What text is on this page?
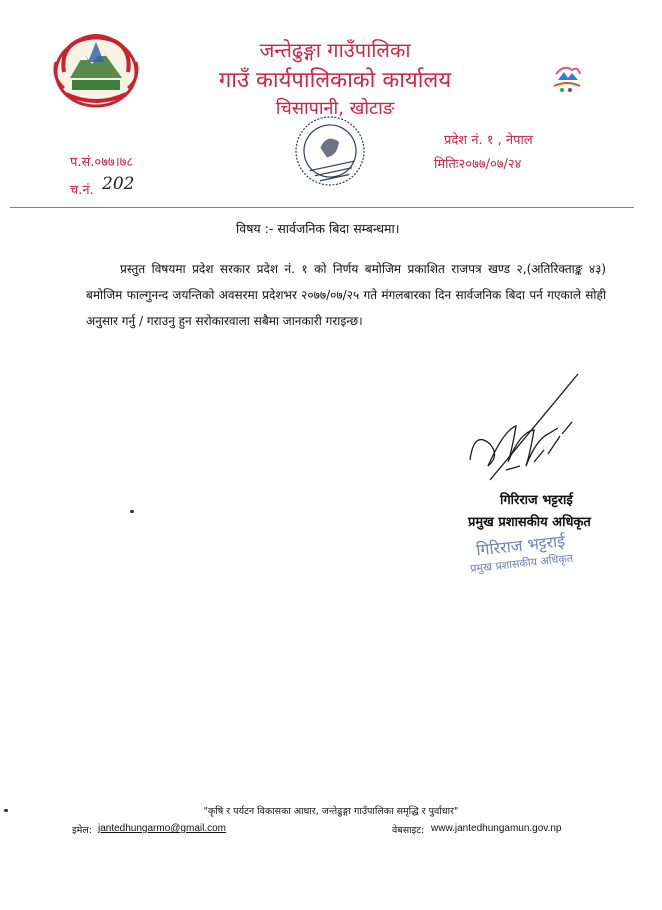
जन्तेढुङ्गा गाउँपालिका
गाउँ कार्यपालिकाको कार्यालय
चिसापानी, खोटाङ
प.सं.०७७।७८
च.नं. 202
प्रदेश नं. १ , नेपाल
मितिः२०७७/०७/२४
विषय :- सार्वजनिक बिदा सम्बन्धमा।
प्रस्तुत विषयमा प्रदेश सरकार प्रदेश नं. १ को निर्णय बमोजिम प्रकाशित राजपत्र खण्ड २,(अतिरिक्ताङ्क ४३) बमोजिम फाल्गुनन्द जयन्तिको अवसरमा प्रदेशभर २०७७/०७/२५ गते मंगलबारका दिन सार्वजनिक बिदा पर्न गएकाले सोही अनुसार गर्नु / गराउनु हुन सरोकारवाला सबैमा जानकारी गराइन्छ।
गिरिराज भट्टराई
प्रमुख प्रशासकीय अधिकृत
गिरिराज भट्टराई
प्रमुख प्रशासकीय अधिकृत
"कृषि र पर्यटन विकासका आधार, जन्तेढुङ्गा गाउँपालिका समृद्धि र पुर्वाधार"
इमेल: jantedhungarmo@gmail.com	वेबसाइट: www.jantedhungamun.gov.np
